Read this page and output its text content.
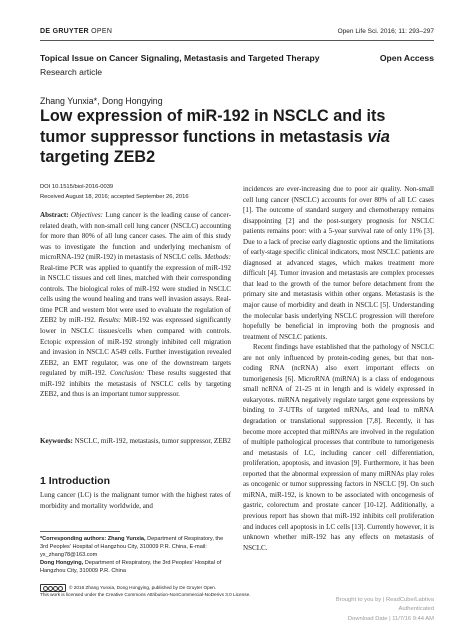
DE GRUYTER OPEN	Open Life Sci. 2016; 11: 293–297
Topical Issue on Cancer Signaling, Metastasis and Targeted Therapy	Open Access
Research article
Zhang Yunxia*, Dong Hongying
Low expression of miR-192 in NSCLC and its
tumor suppressor functions in metastasis via
targeting ZEB2
DOI 10.1515/biol-2016-0039
Received August 18, 2016; accepted September 26, 2016
Abstract: Objectives: Lung cancer is the leading cause of cancer-related death, with non-small cell lung cancer (NSCLC) accounting for more than 80% of all lung cancer cases. The aim of this study was to investigate the function and underlying mechanism of microRNA-192 (miR-192) in metastasis of NSCLC cells. Methods: Real-time PCR was applied to quantify the expression of miR-192 in NSCLC tissues and cell lines, matched with their corresponding controls. The biological roles of miR-192 were studied in NSCLC cells using the wound healing and trans well invasion assays. Real-time PCR and western blot were used to evaluate the regulation of ZEB2 by miR-192. Results: MiR-192 was expressed significantly lower in NSCLC tissues/cells when compared with controls. Ectopic expression of miR-192 strongly inhibited cell migration and invasion in NSCLC A549 cells. Further investigation revealed ZEB2, an EMT regulator, was one of the downstream targets regulated by miR-192. Conclusion: These results suggested that miR-192 inhibits the metastasis of NSCLC cells by targeting ZEB2, and thus is an important tumor suppressor.
Keywords: NSCLC, miR-192, metastasis, tumor suppressor, ZEB2
1 Introduction
Lung cancer (LC) is the malignant tumor with the highest rates of morbidity and mortality worldwide, and
*Corresponding authors: Zhang Yunxia, Department of Respiratory, the 3rd Peoples’ Hospital of Hangzhou City, 310009 P.R. China, E-mail: yx_zhang78@163.com
Dong Hongying, Department of Respiratory, the 3rd Peoples’ Hospital of Hangzhou City, 310009 P.R. China

incidences are ever-increasing due to poor air quality. Non-small cell lung cancer (NSCLC) accounts for over 80% of all LC cases [1]. The outcome of standard surgery and chemotherapy remains disappointing [2] and the post-surgery prognosis for NSCLC patients remains poor: with a 5-year survival rate of only 11% [3]. Due to a lack of precise early diagnostic options and the limitations of early-stage specific clinical indicators, most NSCLC patients are diagnosed at advanced stages, which makes treatment more difficult [4]. Tumor invasion and metastasis are complex processes that lead to the growth of the tumor before detachment from the primary site and metastasis within other organs. Metastasis is the major cause of morbidity and death in NSCLC [5]. Understanding the molecular basis underlying NSCLC progression will therefore hopefully be beneficial in improving both the prognosis and treatment of NSCLC patients.

Recent findings have established that the pathology of NSCLC are not only influenced by protein-coding genes, but that non-coding RNA (ncRNA) also exert important effects on tumorigenesis [6]. MicroRNA (miRNA) is a class of endogenous small ncRNA of 21-25 nt in length and is widely expressed in eukaryotes. miRNA negatively regulate target gene expressions by binding to 3'-UTRs of targeted mRNAs, and lead to mRNA degradation or translational suppression [7,8]. Recently, it has become more accepted that miRNAs are involved in the regulation of multiple pathological processes that contribute to tumorigenesis and metastasis of LC, including cancer cell differentiation, proliferation, apoptosis, and invasion [9]. Furthermore, it has been reported that the abnormal expression of many miRNAs play roles as oncogenic or tumor suppressing factors in NSCLC [9]. On such miRNA, miR-192, is known to be associated with oncogenesis of gastric, colorectum and prostate cancer [10-12]. Additionally, a previous report has shown that miR-192 inhibits cell proliferation and induces cell apoptosis in LC cells [13]. Currently however, it is unknown whether miR-192 has any effects on metastasis of NSCLC.

© 2016 Zhang Yunxia, Dong Hongying, published by De Gruyter Open.
This work is licensed under the Creative Commons Attribution-NonCommercial-NoDerivs 3.0 License.
Brought to you by | ReadCube/Labtiva
Authenticated
Download Date | 11/7/16 9:44 AM
